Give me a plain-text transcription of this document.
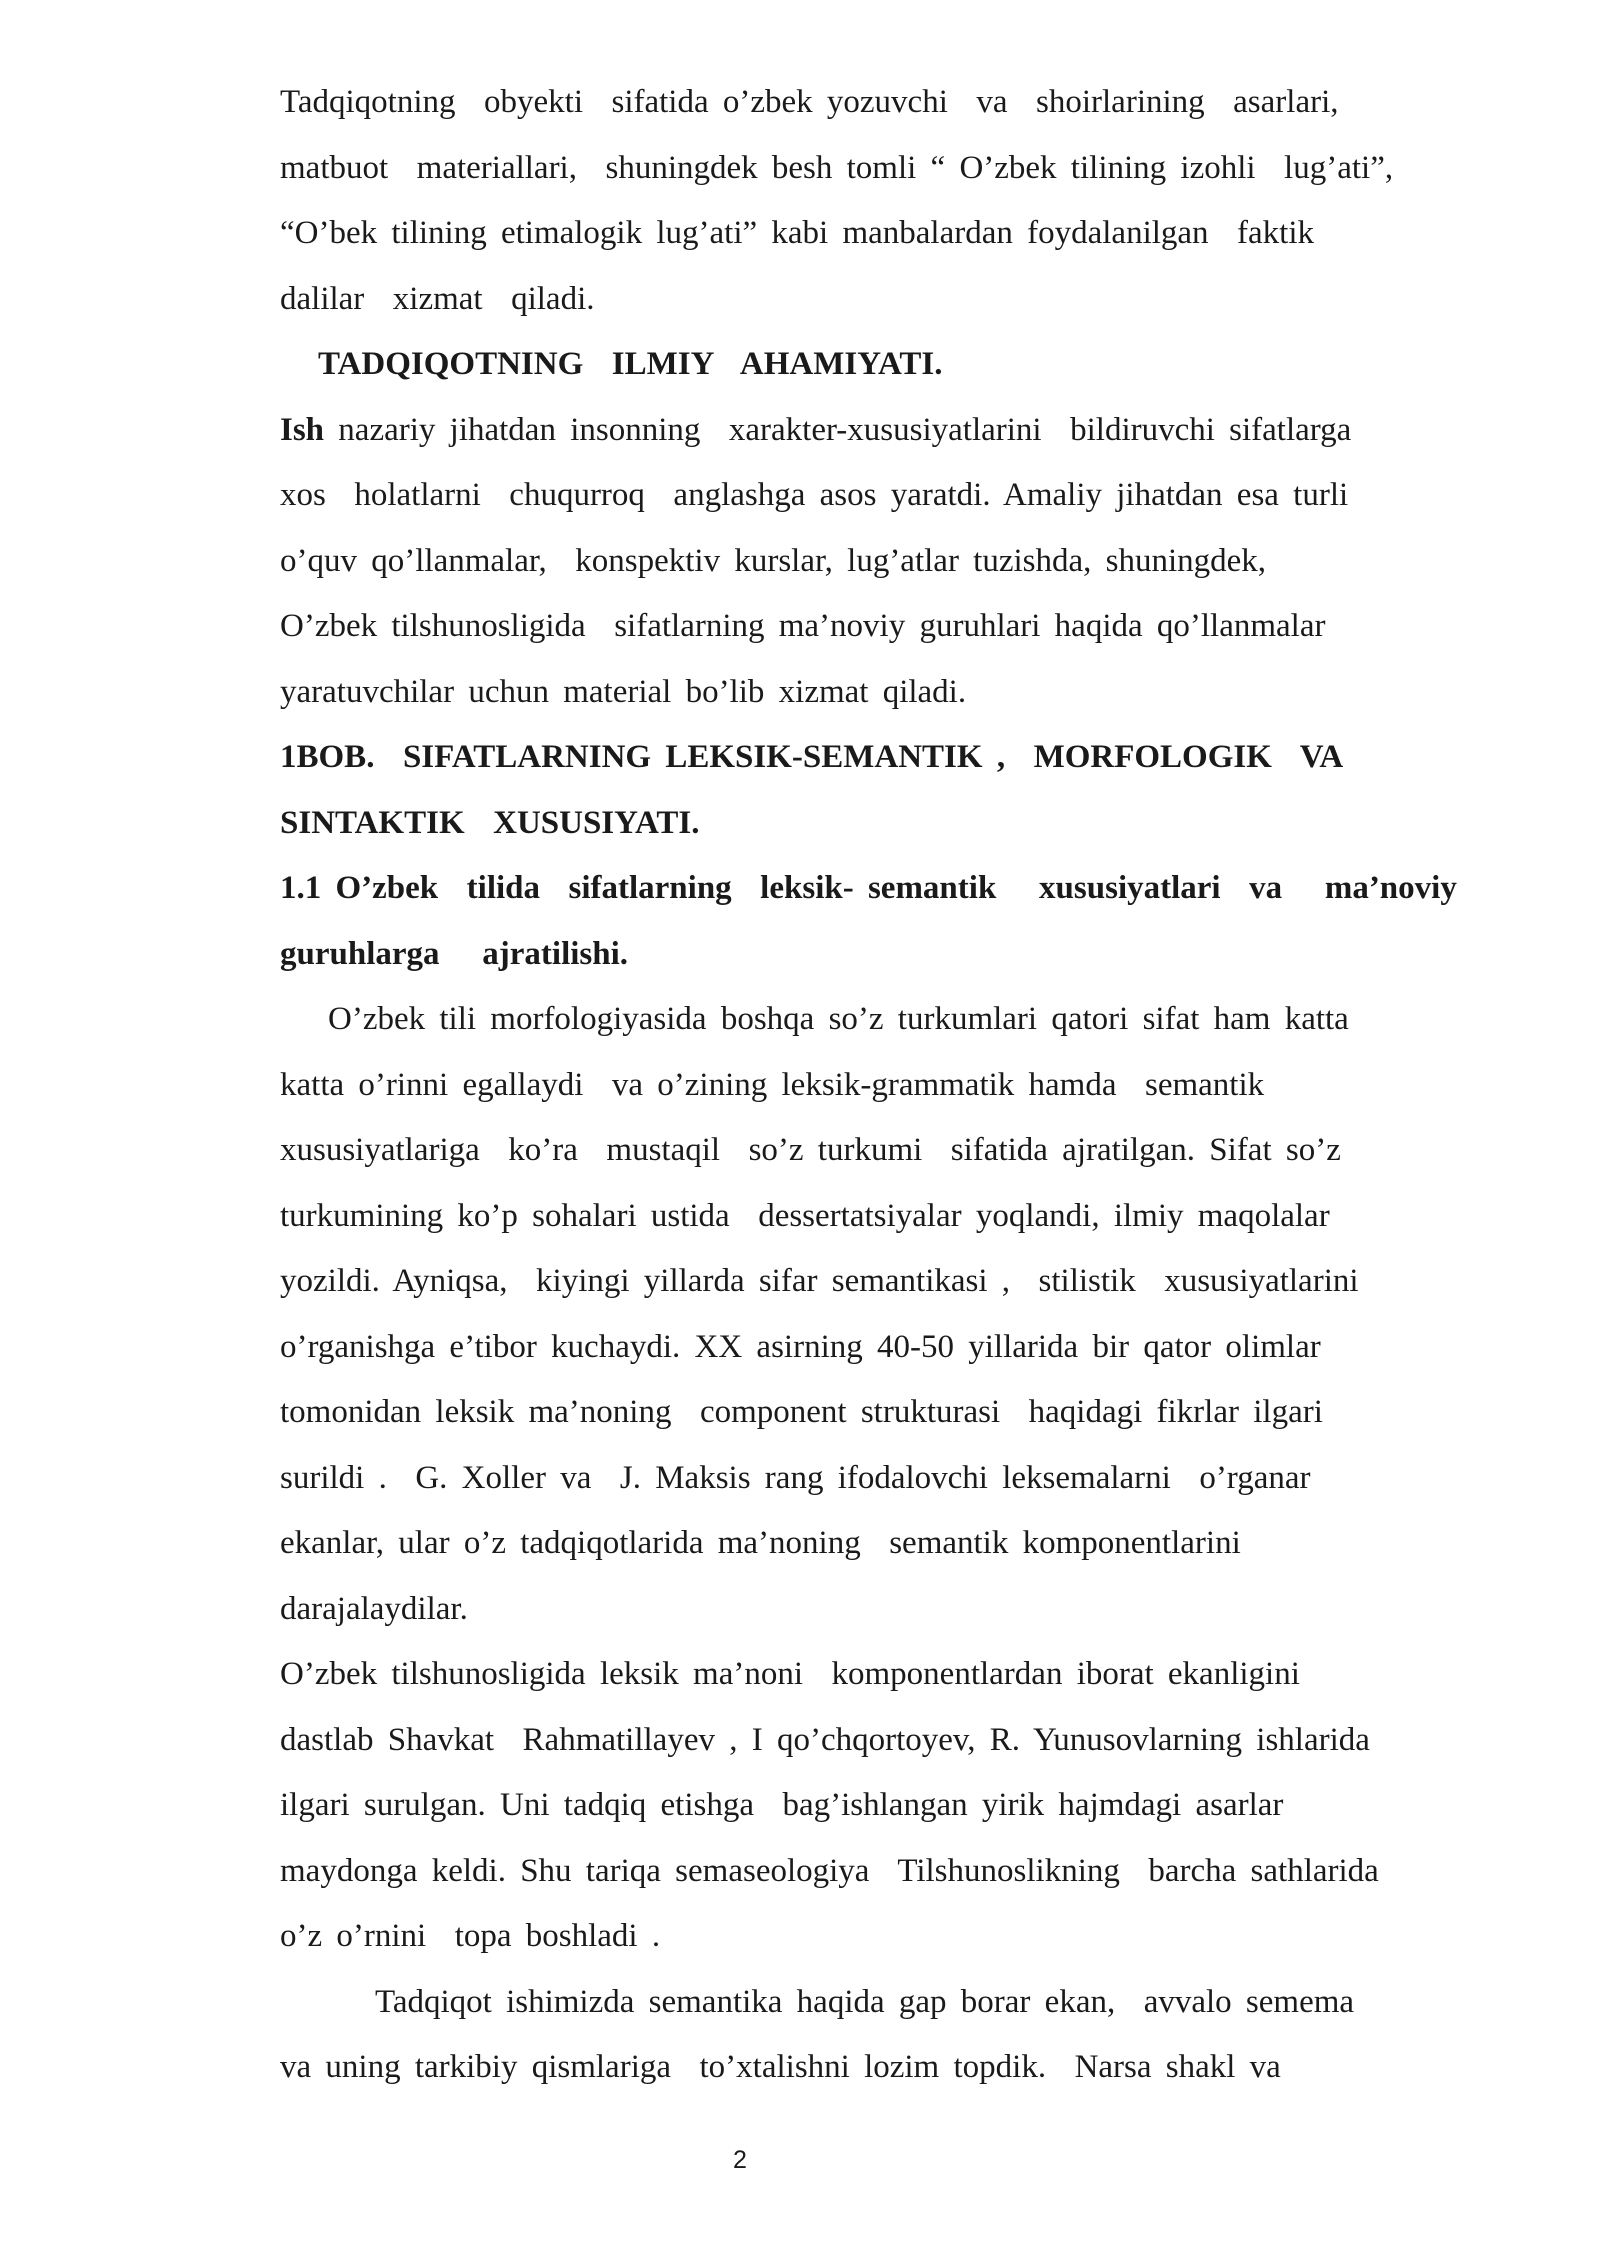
Tadqiqotning  obyekti  sifatida o’zbek yozuvchi  va  shoirlarining  asarlari,
matbuot  materiallari,  shuningdek besh tomli “ O’zbek tilining izohli  lug’ati”,
“O’bek tilining etimalogik lug’ati” kabi manbalardan foydalanilgan  faktik
dalilar  xizmat  qiladi.
TADQIQOTNING  ILMIY  AHAMIYATI.
Ish nazariy jihatdan insonning  xarakter-xususiyatlarini  bildiruvchi sifatlarga
xos  holatlarni  chuqurroq  anglashga asos yaratdi. Amaliy jihatdan esa turli
o’quv qo’llanmalar,  konspektiv kurslar, lug’atlar tuzishda, shuningdek,
O’zbek tilshunosligida  sifatlarning ma’noviy guruhlari haqida qo’llanmalar
yaratuvchilar uchun material bo’lib xizmat qiladi.
1BOB.  SIFATLARNING LEKSIK-SEMANTIK ,  MORFOLOGIK  VA
SINTAKTIK  XUSUSIYATI.
1.1 O’zbek  tilida  sifatlarning  leksik- semantik   xususiyatlari  va   ma’noviy
guruhlarga   ajratilishi.
O’zbek tili morfologiyasida boshqa so’z turkumlari qatori sifat ham katta
katta o’rinni egallaydi  va o’zining leksik-grammatik hamda  semantik
xususiyatlariga  ko’ra  mustaqil  so’z turkumi  sifatida ajratilgan. Sifat so’z
turkumining ko’p sohalari ustida  dessertatsiyalar yoqlandi, ilmiy maqolalar
yozildi. Ayniqsa,  kiyingi yillarda sifar semantikasi ,  stilistik  xususiyatlarini
o’rganishga e’tibor kuchaydi. XX asirning 40-50 yillarida bir qator olimlar
tomonidan leksik ma’noning  component strukturasi  haqidagi fikrlar ilgari
surildi .  G. Xoller va  J. Maksis rang ifodalovchi leksemalarni  o’rganar
ekanlar, ular o’z tadqiqotlarida ma’noning  semantik komponentlarini
darajalaydilar.
O’zbek tilshunosligida leksik ma’noni  komponentlardan iborat ekanligini
dastlab Shavkat  Rahmatillayev , I qo’chqortoyev, R. Yunusovlarning ishlarida
ilgari surulgan. Uni tadqiq etishga  bag’ishlangan yirik hajmdagi asarlar
maydonga keldi. Shu tariqa semaseologiya  Tilshunoslikning  barcha sathlarida
o’z o’rnini  topa boshladi .
Tadqiqot ishimizda semantika haqida gap borar ekan,  avvalo semema
va uning tarkibiy qismlariga  to’xtalishni lozim topdik.  Narsa shakl va
2
